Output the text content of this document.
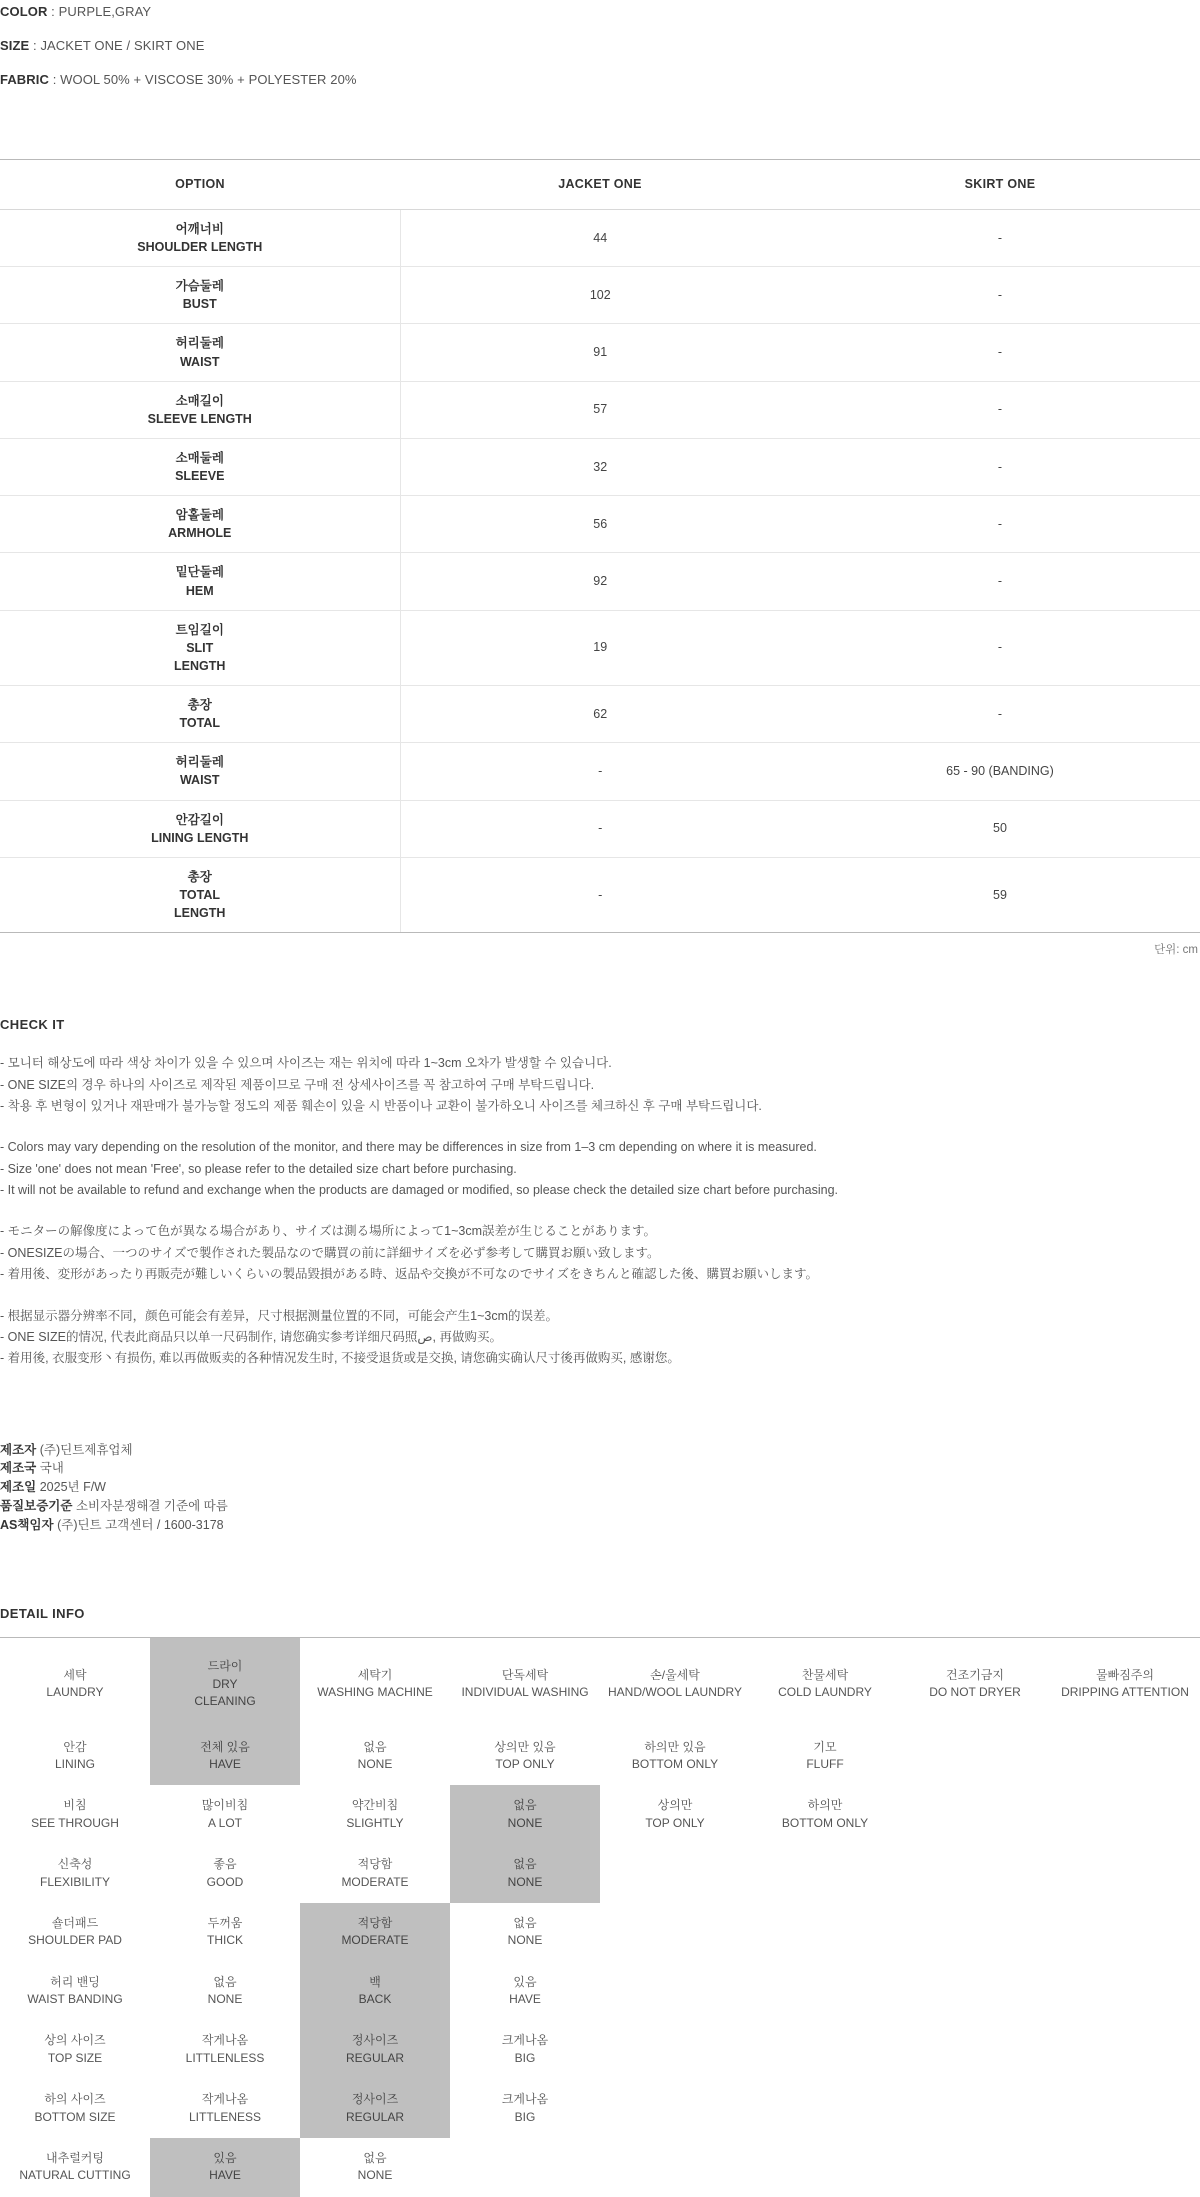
COLOR : PURPLE,GRAY

SIZE : JACKET ONE / SKIRT ONE

FABRIC : WOOL 50% + VISCOSE 30% + POLYESTER 20%

OPTION	JACKET ONE	SKIRT ONE

어깨너비
SHOULDER LENGTH	44	-

가슴둘레
BUST	102	-

허리둘레
WAIST	91	-

소매길이
SLEEVE LENGTH	57	-

소매둘레
SLEEVE	32	-

암홀둘레
ARMHOLE	56	-

밑단둘레
HEM	92	-

트임길이
SLIT
LENGTH	19	-

총장
TOTAL	62	-

허리둘레
WAIST	-	65 - 90 (BANDING)

안감길이
LINING LENGTH	-	50

총장
TOTAL
LENGTH	-	59
단위: cm
CHECK IT

- 모니터 해상도에 따라 색상 차이가 있을 수 있으며 사이즈는 재는 위치에 따라 1~3cm 오차가 발생할 수 있습니다.

- ONE SIZE의 경우 하나의 사이즈로 제작된 제품이므로 구매 전 상세사이즈를 꼭 참고하여 구매 부탁드립니다.

- 착용 후 변형이 있거나 재판매가 불가능할 정도의 제품 훼손이 있을 시 반품이나 교환이 불가하오니 사이즈를 체크하신 후 구매 부탁드립니다.

- Colors may vary depending on the resolution of the monitor, and there may be differences in size from 1–3 cm depending on where it is measured.

- Size 'one' does not mean 'Free', so please refer to the detailed size chart before purchasing.

- It will not be available to refund and exchange when the products are damaged or modified, so please check the detailed size chart before purchasing.

- モニターの解像度によって色が異なる場合があり、サイズは測る場所によって1~3cm誤差が生じることがあります。

- ONESIZEの場合、一つのサイズで製作された製品なので購買の前に詳細サイズを必ず参考して購買お願い致します。

- 着用後、変形があったり再販売が難しいくらいの製品毀損がある時、返品や交換が不可なのでサイズをきちんと確認した後、購買お願いします。

- 根据显示器分辨率不同，颜色可能会有差异，尺寸根据测量位置的不同，可能会产生1~3cm的误差。

- ONE SIZE的情况, 代表此商品只以单一尺码制作, 请您确实参考详细尺码照ص, 再做购买。

- 着用後, 衣服变形丶有损伤, 难以再做贩卖的各种情况发生时, 不接受退货或是交换, 请您确实确认尺寸後再做购买, 感谢您。

제조자 (주)딘트제휴업체

제조국 국내

제조일 2025년 F/W

품질보증기준 소비자분쟁해결 기준에 따름

AS책임자 (주)딘트 고객센터 / 1600-3178

DETAIL INFO
세탁
LAUNDRY	드라이
DRY
CLEANING	세탁기
WASHING MACHINE	단독세탁
INDIVIDUAL WASHING	손/울세탁
HAND/WOOL LAUNDRY	찬물세탁
COLD LAUNDRY	건조기금지
DO NOT DRYER	물빠짐주의
DRIPPING ATTENTION

안감
LINING	전체 있음
HAVE	없음
NONE	상의만 있음
TOP ONLY	하의만 있음
BOTTOM ONLY	기모
FLUFF		

비침
SEE THROUGH	많이비침
A LOT	약간비침
SLIGHTLY	없음
NONE	상의만
TOP ONLY	하의만
BOTTOM ONLY		

신축성
FLEXIBILITY	좋음
GOOD	적당함
MODERATE	없음
NONE				

숄더패드
SHOULDER PAD	두꺼움
THICK	적당함
MODERATE	없음
NONE				

허리 밴딩
WAIST BANDING	없음
NONE	백
BACK	있음
HAVE				

상의 사이즈
TOP SIZE	작게나옴
LITTLENLESS	정사이즈
REGULAR	크게나옴
BIG				

하의 사이즈
BOTTOM SIZE	작게나옴
LITTLENESS	정사이즈
REGULAR	크게나옴
BIG				

내추럴커팅
NATURAL CUTTING	있음
HAVE	없음
NONE					
